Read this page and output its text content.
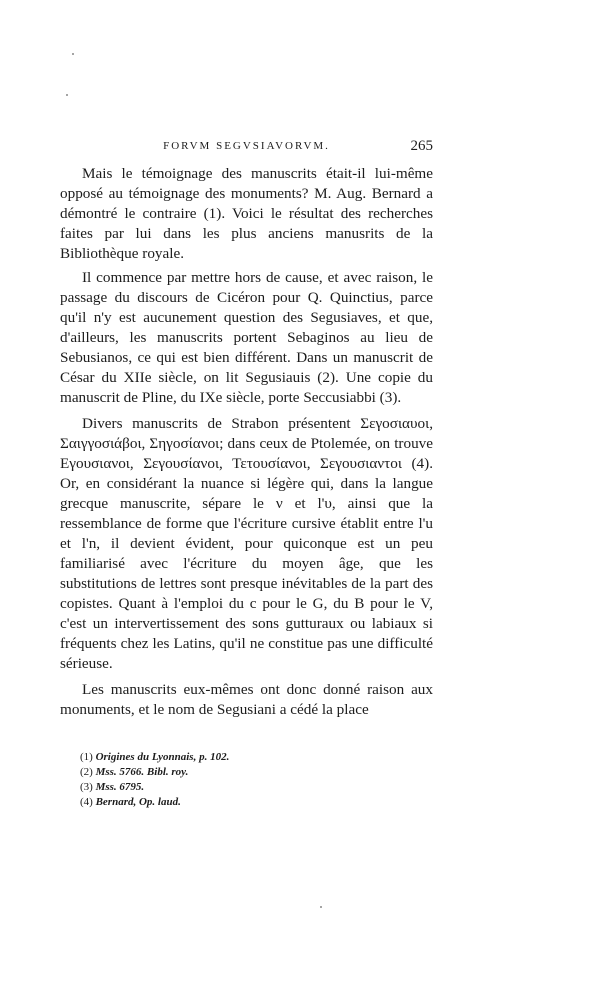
FORVM SEGVSIAVORVM.	265

Mais le témoignage des manuscrits était-il lui-même opposé au témoignage des monuments? M. Aug. Bernard a démontré le contraire (1). Voici le résultat des recherches faites par lui dans les plus anciens manusrits de la Bibliothèque royale.

Il commence par mettre hors de cause, et avec raison, le passage du discours de Cicéron pour Q. Quinctius, parce qu'il n'y est aucunement question des Segusiaves, et que, d'ailleurs, les manuscrits portent Sebaginos au lieu de Sebusianos, ce qui est bien différent. Dans un manuscrit de César du XIIe siècle, on lit Segusiauis (2). Une copie du manuscrit de Pline, du IXe siècle, porte Seccusiabbi (3).

Divers manuscrits de Strabon présentent Σεγοσιαυοι, Σαιγγοσιάβοι, Σηγοσίανοι; dans ceux de Ptolemée, on trouve Εγουσιανοι, Σεγουσίανοι, Τετουσίανοι, Σεγουσιαντοι (4). Or, en considérant la nuance si légère qui, dans la langue grecque manuscrite, sépare le ν et l'υ, ainsi que la ressemblance de forme que l'écriture cursive établit entre l'u et l'n, il devient évident, pour quiconque est un peu familiarisé avec l'écriture du moyen âge, que les substitutions de lettres sont presque inévitables de la part des copistes. Quant à l'emploi du c pour le G, du B pour le V, c'est un intervertissement des sons gutturaux ou labiaux si fréquents chez les Latins, qu'il ne constitue pas une difficulté sérieuse.

Les manuscrits eux-mêmes ont donc donné raison aux monuments, et le nom de Segusiani a cédé la place

(1) Origines du Lyonnais, p. 102.
(2) Mss. 5766. Bibl. roy.
(3) Mss. 6795.
(4) Bernard, Op. laud.
